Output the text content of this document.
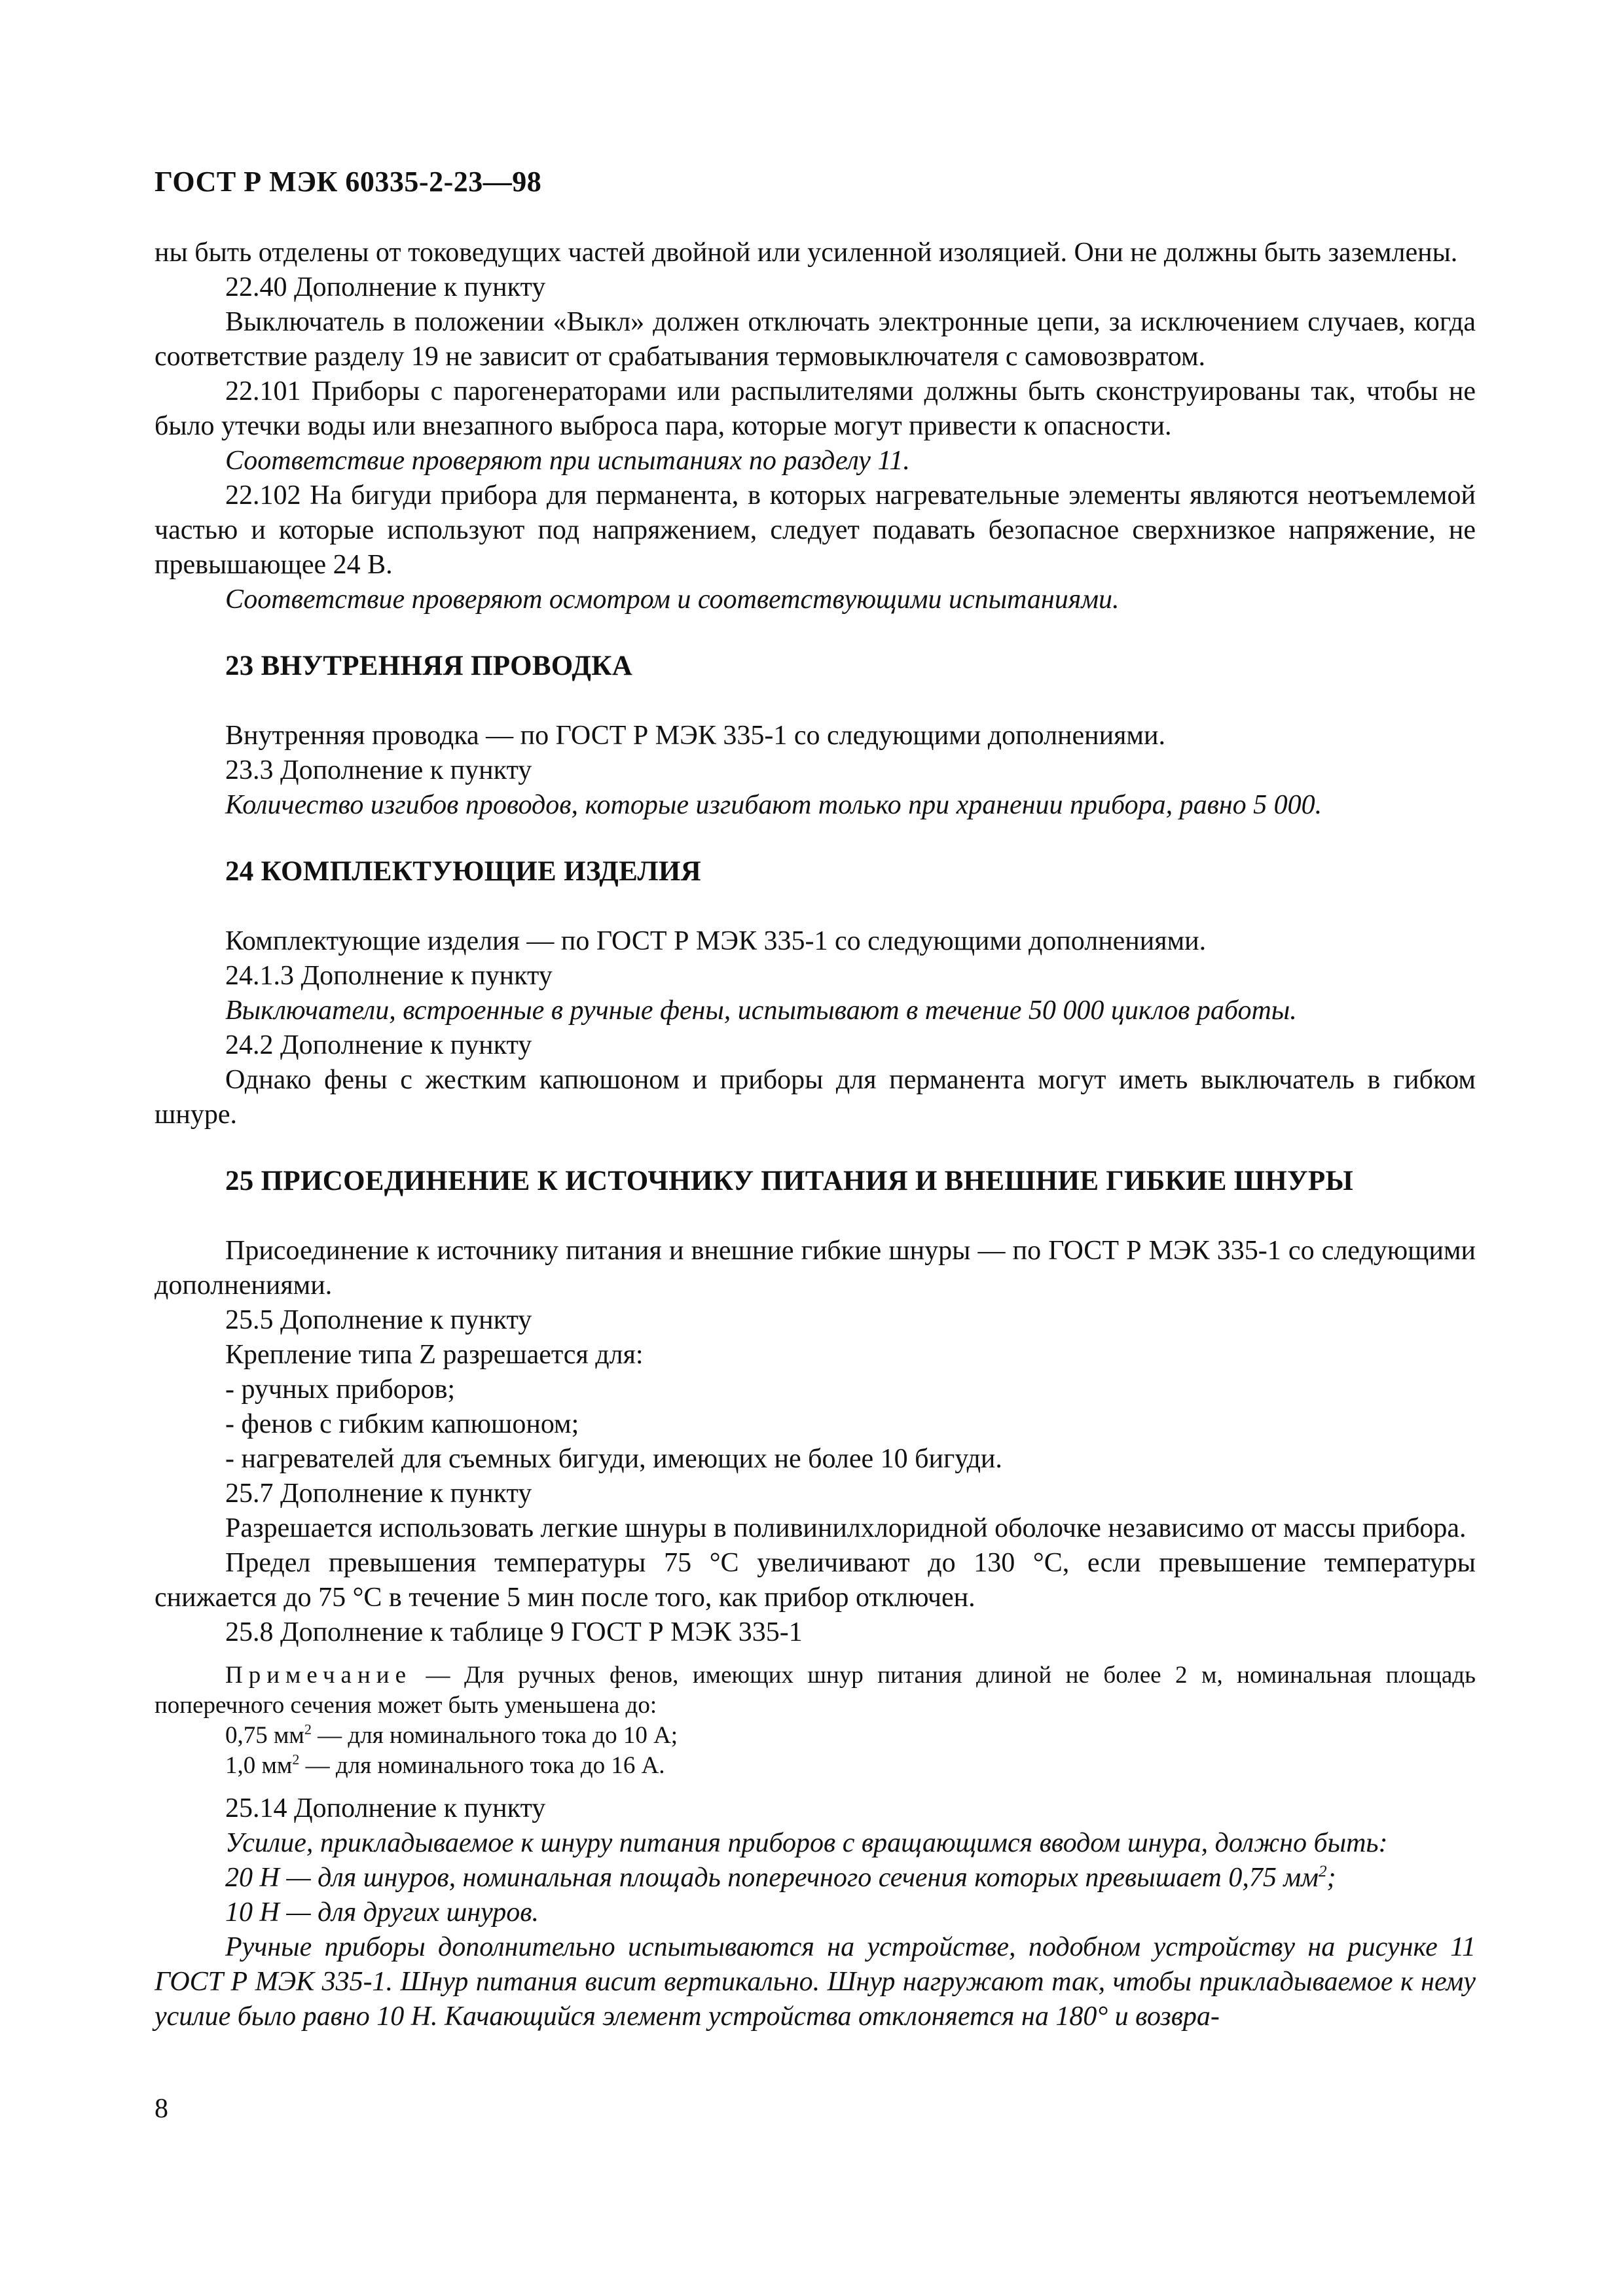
ГОСТ Р МЭК 60335-2-23—98

ны быть отделены от токоведущих частей двойной или усиленной изоляцией. Они не должны быть заземлены.

22.40 Дополнение к пункту

Выключатель в положении «Выкл» должен отключать электронные цепи, за исключением случаев, когда соответствие разделу 19 не зависит от срабатывания термовыключателя с самовозвратом.

22.101 Приборы с парогенераторами или распылителями должны быть сконструированы так, чтобы не было утечки воды или внезапного выброса пара, которые могут привести к опасности.

Соответствие проверяют при испытаниях по разделу 11.

22.102 На бигуди прибора для перманента, в которых нагревательные элементы являются неотъемлемой частью и которые используют под напряжением, следует подавать безопасное сверхнизкое напряжение, не превышающее 24 В.

Соответствие проверяют осмотром и соответствующими испытаниями.

23 ВНУТРЕННЯЯ ПРОВОДКА

Внутренняя проводка — по ГОСТ Р МЭК 335-1 со следующими дополнениями.

23.3 Дополнение к пункту

Количество изгибов проводов, которые изгибают только при хранении прибора, равно 5 000.

24 КОМПЛЕКТУЮЩИЕ ИЗДЕЛИЯ

Комплектующие изделия — по ГОСТ Р МЭК 335-1 со следующими дополнениями.

24.1.3 Дополнение к пункту

Выключатели, встроенные в ручные фены, испытывают в течение 50 000 циклов работы.

24.2 Дополнение к пункту

Однако фены с жестким капюшоном и приборы для перманента могут иметь выключатель в гибком шнуре.

25 ПРИСОЕДИНЕНИЕ К ИСТОЧНИКУ ПИТАНИЯ И ВНЕШНИЕ ГИБКИЕ ШНУРЫ

Присоединение к источнику питания и внешние гибкие шнуры — по ГОСТ Р МЭК 335-1 со следующими дополнениями.

25.5 Дополнение к пункту

Крепление типа Z разрешается для:

- ручных приборов;

- фенов с гибким капюшоном;

- нагревателей для съемных бигуди, имеющих не более 10 бигуди.

25.7 Дополнение к пункту

Разрешается использовать легкие шнуры в поливинилхлоридной оболочке независимо от массы прибора.

Предел превышения температуры 75 °С увеличивают до 130 °С, если превышение температуры снижается до 75 °С в течение 5 мин после того, как прибор отключен.

25.8 Дополнение к таблице 9 ГОСТ Р МЭК 335-1

Примечание — Для ручных фенов, имеющих шнур питания длиной не более 2 м, номинальная площадь поперечного сечения может быть уменьшена до:

0,75 $мм^2$ — для номинального тока до 10 А;

1,0 $мм^2$ — для номинального тока до 16 А.

25.14 Дополнение к пункту

Усилие, прикладываемое к шнуру питания приборов с вращающимся вводом шнура, должно быть:

20 Н — для шнуров, номинальная площадь поперечного сечения которых превышает 0,75 $мм^2$;

10 Н — для других шнуров.

Ручные приборы дополнительно испытываются на устройстве, подобном устройству на рисунке 11 ГОСТ Р МЭК 335-1. Шнур питания висит вертикально. Шнур нагружают так, чтобы прикладываемое к нему усилие было равно 10 Н. Качающийся элемент устройства отклоняется на 180° и возвра-

8
